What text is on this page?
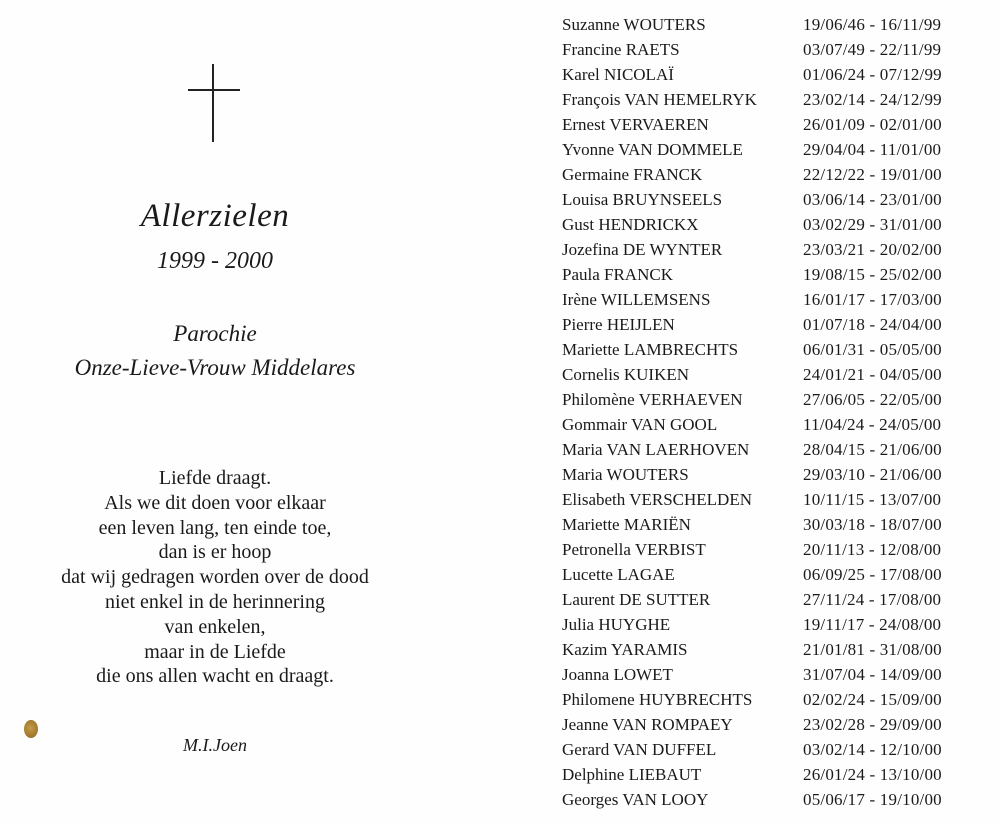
Allerzielen
1999 - 2000
Parochie
Onze-Lieve-Vrouw Middelares
Liefde draagt.
Als we dit doen voor elkaar
een leven lang, ten einde toe,
dan is er hoop
dat wij gedragen worden over de dood
niet enkel in de herinnering
van enkelen,
maar in de Liefde
die ons allen wacht en draagt.
M.I.Joen
Suzanne WOUTERS	19/06/46 - 16/11/99
Francine RAETS	03/07/49 - 22/11/99
Karel NICOLAÏ	01/06/24 - 07/12/99
François VAN HEMELRYK	23/02/14 - 24/12/99
Ernest VERVAEREN	26/01/09 - 02/01/00
Yvonne VAN DOMMELE	29/04/04 - 11/01/00
Germaine FRANCK	22/12/22 - 19/01/00
Louisa BRUYNSEELS	03/06/14 - 23/01/00
Gust HENDRICKX	03/02/29 - 31/01/00
Jozefina DE WYNTER	23/03/21 - 20/02/00
Paula FRANCK	19/08/15 - 25/02/00
Irène WILLEMSENS	16/01/17 - 17/03/00
Pierre HEIJLEN	01/07/18 - 24/04/00
Mariette LAMBRECHTS	06/01/31 - 05/05/00
Cornelis KUIKEN	24/01/21 - 04/05/00
Philomène VERHAEVEN	27/06/05 - 22/05/00
Gommair VAN GOOL	11/04/24 - 24/05/00
Maria VAN LAERHOVEN	28/04/15 - 21/06/00
Maria WOUTERS	29/03/10 - 21/06/00
Elisabeth VERSCHELDEN	10/11/15 - 13/07/00
Mariette MARIËN	30/03/18 - 18/07/00
Petronella VERBIST	20/11/13 - 12/08/00
Lucette LAGAE	06/09/25 - 17/08/00
Laurent DE SUTTER	27/11/24 - 17/08/00
Julia HUYGHE	19/11/17 - 24/08/00
Kazim YARAMIS	21/01/81 - 31/08/00
Joanna LOWET	31/07/04 - 14/09/00
Philomene HUYBRECHTS	02/02/24 - 15/09/00
Jeanne VAN ROMPAEY	23/02/28 - 29/09/00
Gerard VAN DUFFEL	03/02/14 - 12/10/00
Delphine LIEBAUT	26/01/24 - 13/10/00
Georges VAN LOOY	05/06/17 - 19/10/00
